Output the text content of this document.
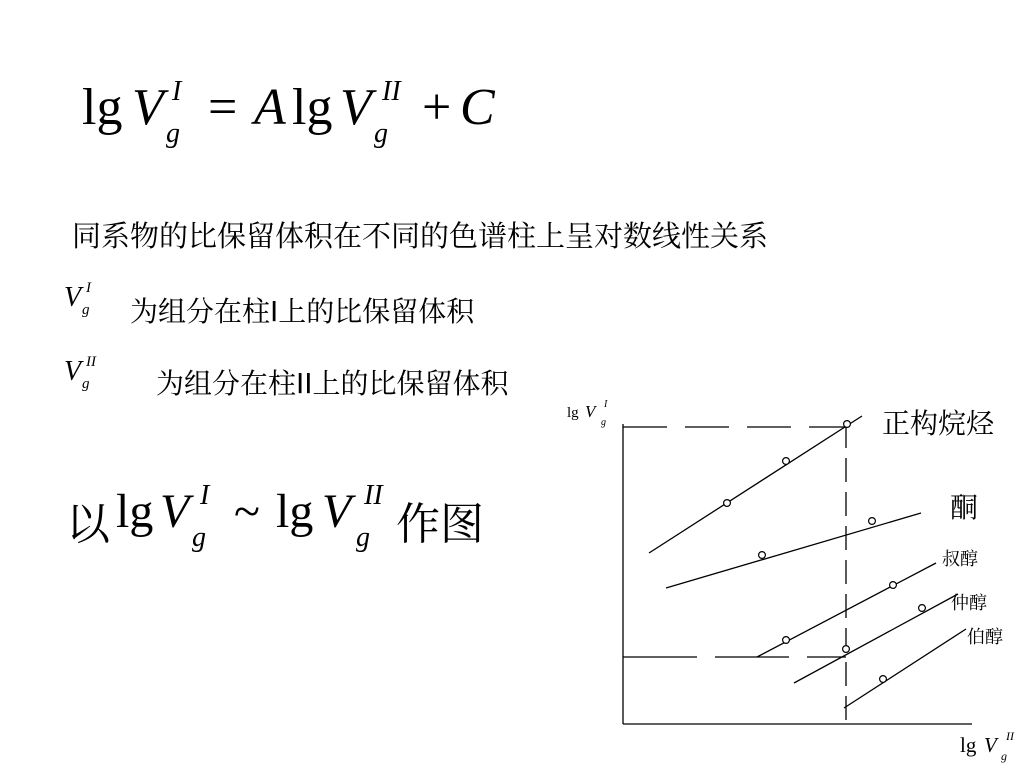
lg V I
g = A lg V II
g + C
同系物的比保留体积在不同的色谱柱上呈对数线性关系
V I
g 为组分在柱I上的比保留体积
V II
g 为组分在柱II上的比保留体积
以 lg V I
g ~ lg V II
g 作图
lg V I
g
lg V II
g
正构烷烃
酮
叔醇
仲醇
伯醇
